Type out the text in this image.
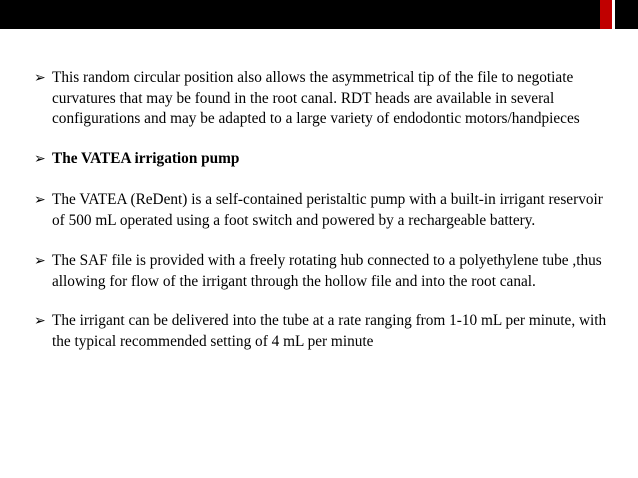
➢ This random circular position also allows the asymmetrical tip of the file to negotiate curvatures that may be found in the root canal. RDT heads are available in several configurations and may be adapted to a large variety of endodontic motors/handpieces

➢ The VATEA irrigation pump

➢ The VATEA (ReDent) is a self-contained peristaltic pump with a built-in irrigant reservoir of 500 mL operated using a foot switch and powered by a rechargeable battery.

➢ The SAF file is provided with a freely rotating hub connected to a polyethylene tube ,thus allowing for flow of the irrigant through the hollow file and into the root canal.

➢ The irrigant can be delivered into the tube at a rate ranging from 1-10 mL per minute, with the typical recommended setting of 4 mL per minute
